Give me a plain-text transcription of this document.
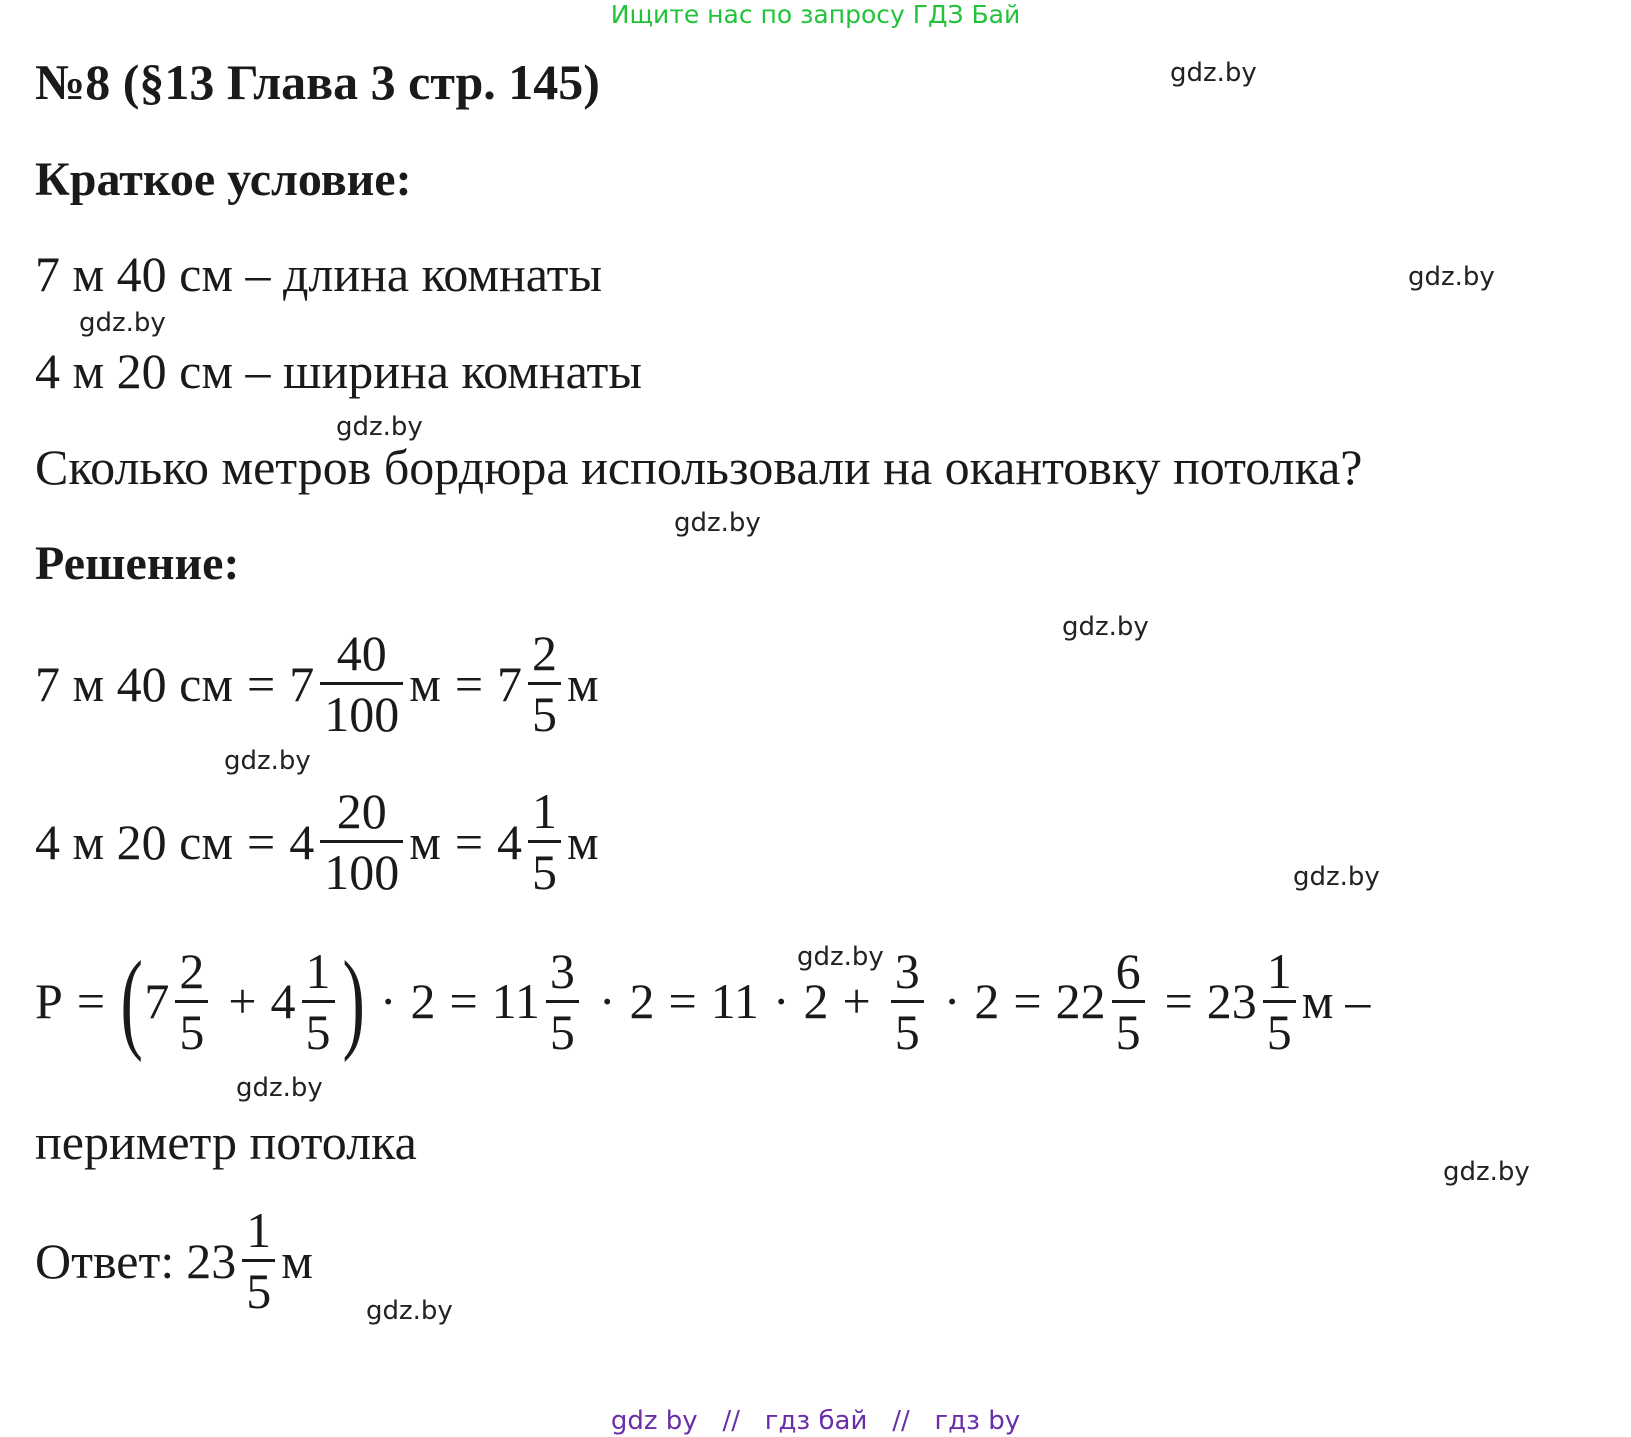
Ищите нас по запросу ГДЗ Бай
№8 (§13 Глава 3 стр. 145)
Краткое условие:
7 м 40 см – длина комнаты
4 м 20 см – ширина комнаты
Сколько метров бордюра использовали на окантовку потолка?
Решение:
7 м 40 см = $7 \frac{40}{100}$ $м = 7 \frac{2}{5}$ м
4 м 20 см = $4 \frac{20}{100}$ $м = 4 \frac{1}{5}$ м
P = ( $7 \frac{2}{5} + 4 \frac{1}{5}$ ) · $2 = 11 \frac{3}{5} \cdot 2 = 11 \cdot 2 + \frac{3}{5} \cdot 2 = 22 \frac{6}{5} = 23 \frac{1}{5}$ м –
периметр потолка
Ответ: $23 \frac{1}{5}$ м
gdz.by
gdz.by
gdz.by
gdz.by
gdz.by
gdz.by
gdz.by
gdz.by
gdz.by
gdz.by
gdz.by
gdz.by
gdz by // гдз бай // гдз by
